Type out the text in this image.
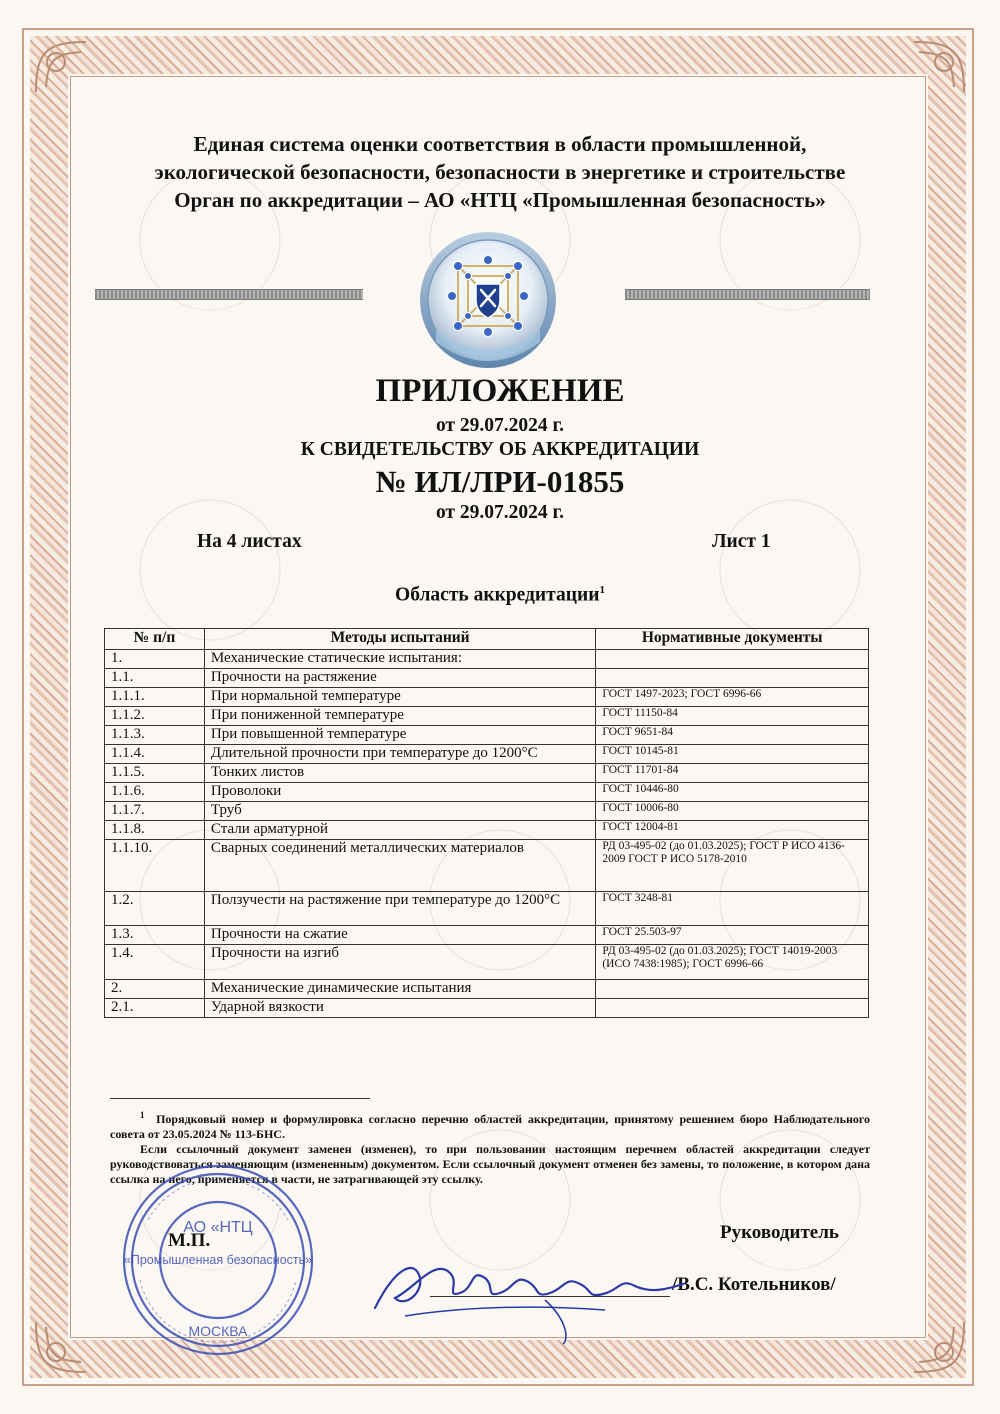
Единая система оценки соответствия в области промышленной,
экологической безопасности, безопасности в энергетике и строительстве
Орган по аккредитации – АО «НТЦ «Промышленная безопасность»
ПРИЛОЖЕНИЕ
от 29.07.2024 г.
К СВИДЕТЕЛЬСТВУ ОБ АККРЕДИТАЦИИ
№ ИЛ/ЛРИ-01855
от 29.07.2024 г.
На 4 листах	Лист 1
Область аккредитации$^1$
№ п/п	Методы испытаний	Нормативные документы
1.	Механические статические испытания:	
1.1.	Прочности на растяжение	
1.1.1.	При нормальной температуре	ГОСТ 1497-2023; ГОСТ 6996-66
1.1.2.	При пониженной температуре	ГОСТ 11150-84
1.1.3.	При повышенной температуре	ГОСТ 9651-84
1.1.4.	Длительной прочности при температуре до 1200°С	ГОСТ 10145-81
1.1.5.	Тонких листов	ГОСТ 11701-84
1.1.6.	Проволоки	ГОСТ 10446-80
1.1.7.	Труб	ГОСТ 10006-80
1.1.8.	Стали арматурной	ГОСТ 12004-81
1.1.10.	Сварных соединений металлических материалов	РД 03-495-02 (до 01.03.2025); ГОСТ Р ИСО 4136-2009 ГОСТ Р ИСО 5178-2010
1.2.	Ползучести на растяжение при температуре до 1200°С	ГОСТ 3248-81
1.3.	Прочности на сжатие	ГОСТ 25.503-97
1.4.	Прочности на изгиб	РД 03-495-02 (до 01.03.2025); ГОСТ 14019-2003 (ИСО 7438:1985); ГОСТ 6996-66
2.	Механические динамические испытания	
2.1.	Ударной вязкости	
$^1$ Порядковый номер и формулировка согласно перечню областей аккредитации, принятому решением бюро Наблюдательного совета от 23.05.2024 № 113-БНС.
Если ссылочный документ заменен (изменен), то при пользовании настоящим перечнем областей аккредитации следует руководствоваться заменяющим (измененным) документом. Если ссылочный документ отменен без замены, то положение, в котором дана ссылка на него, применяется в части, не затрагивающей эту ссылку.
АО «НТЦ
«Промышленная безопасность»
МОСКВА
М.П.	Руководитель
/В.С. Котельников/
